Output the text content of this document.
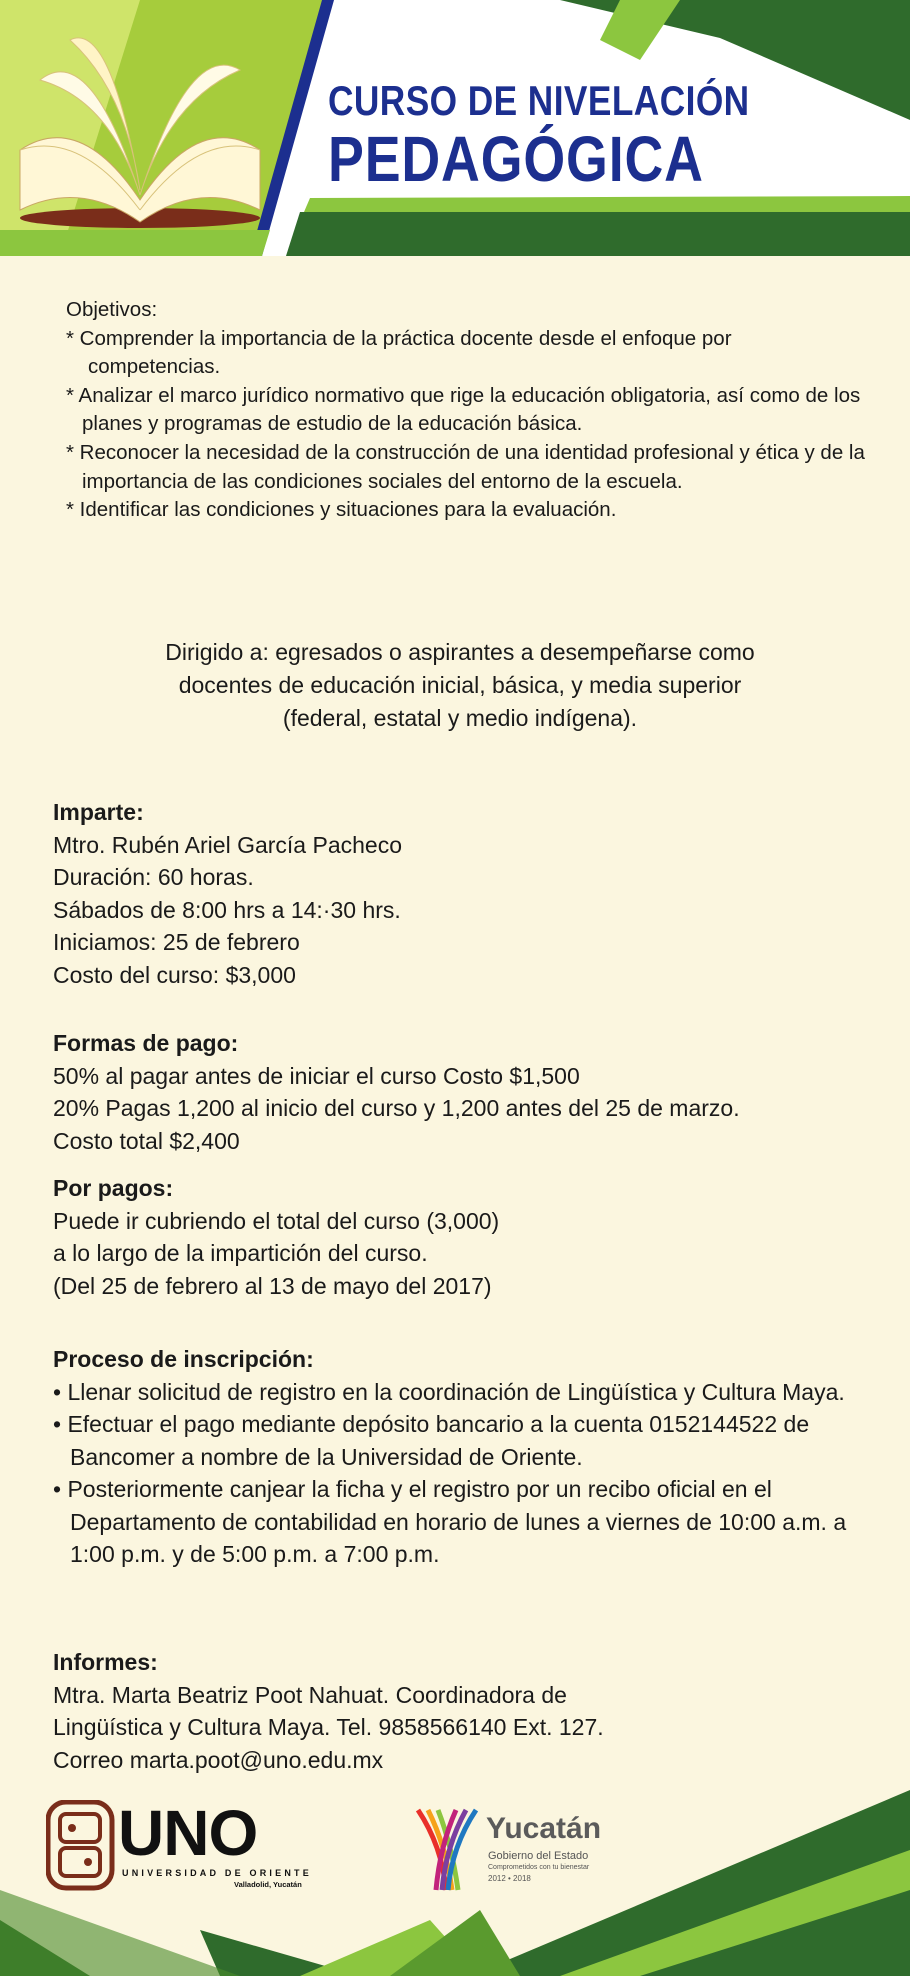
CURSO DE NIVELACIÓN
PEDAGÓGICA
Objetivos:
* Comprender la importancia de la práctica docente desde el enfoque por competencias.
* Analizar el marco jurídico normativo que rige la educación obligatoria, así como de los planes y programas de estudio de la educación básica.
* Reconocer la necesidad de la construcción de una identidad profesional y ética y de la importancia de las condiciones sociales del entorno de la escuela.
* Identificar las condiciones y situaciones para la evaluación.
Dirigido a: egresados o aspirantes a desempeñarse como
docentes de educación inicial, básica, y media superior
(federal, estatal y medio indígena).
Imparte:
Mtro. Rubén Ariel García Pacheco
Duración: 60 horas.
Sábados de 8:00 hrs a 14:·30 hrs.
Iniciamos: 25 de febrero
Costo del curso: $3,000
Formas de pago:
50% al pagar antes de iniciar el curso Costo $1,500
20% Pagas 1,200 al inicio del curso y 1,200 antes del 25 de marzo.
Costo total $2,400
Por pagos:
Puede ir cubriendo el total del curso (3,000)
a lo largo de la impartición del curso.
(Del 25 de febrero al 13 de mayo del 2017)
Proceso de inscripción:
• Llenar solicitud de registro en la coordinación de Lingüística y Cultura Maya.
• Efectuar el pago mediante depósito bancario a la cuenta 0152144522 de Bancomer a nombre de la Universidad de Oriente.
• Posteriormente canjear la ficha y el registro por un recibo oficial en el Departamento de contabilidad en horario de lunes a viernes de 10:00 a.m. a 1:00 p.m. y de 5:00 p.m. a 7:00 p.m.
Informes:
Mtra. Marta Beatriz Poot Nahuat. Coordinadora de
Lingüística y Cultura Maya. Tel. 9858566140 Ext. 127.
Correo marta.poot@uno.edu.mx
UNO
UNIVERSIDAD DE ORIENTE
Valladolid, Yucatán
Yucatán
Gobierno del Estado
Comprometidos con tu bienestar
2012 • 2018
